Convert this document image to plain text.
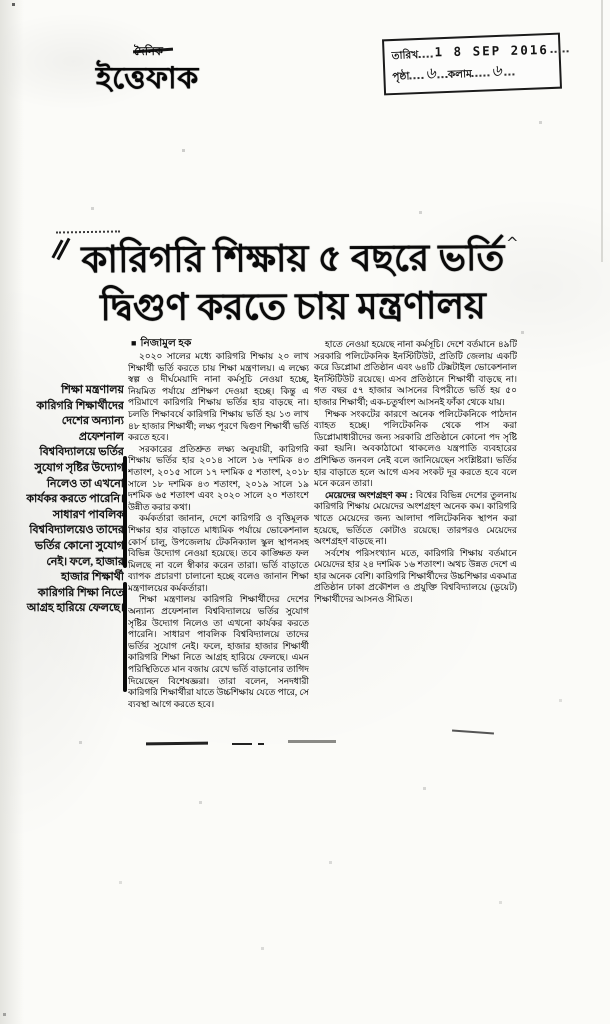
^
দৈনিক
ইত্তেফাক
তারিখ 1 8 SEP 2016
পৃষ্ঠা ৬ কলাম ৬
কারিগরি শিক্ষায় ৫ বছরে ভর্তি
দ্বিগুণ করতে চায় মন্ত্রণালয়
■ নিজামুল হক
শিক্ষা মন্ত্রণালয় কারিগরি শিক্ষার্থীদের দেশের অন্যান্য প্রফেশনাল বিশ্ববিদ্যালয়ে ভর্তির সুযোগ সৃষ্টির উদ্যোগ নিলেও তা এখনো কার্যকর করতে পারেনি। সাধারণ পাবলিক বিশ্ববিদ্যালয়েও তাদের ভর্তির কোনো সুযোগ নেই। ফলে, হাজার হাজার শিক্ষার্থী কারিগরি শিক্ষা নিতে আগ্রহ হারিয়ে ফেলছে।

২০২০ সালের মধ্যে কারিগরি শিক্ষায় ২০ লাখ শিক্ষার্থী ভর্তি করতে চায় শিক্ষা মন্ত্রণালয়। এ লক্ষ্যে স্বল্প ও দীর্ঘমেয়াদি নানা কর্মসূচি নেওয়া হচ্ছে, নিয়মিত পর্যায়ে প্রশিক্ষণ দেওয়া হচ্ছে। কিন্তু এ পরিমাণে কারিগরি শিক্ষায় ভর্তির হার বাড়ছে না। চলতি শিক্ষাবর্ষে কারিগরি শিক্ষায় ভর্তি হয় ১৩ লাখ ৪৮ হাজার শিক্ষার্থী; লক্ষ্য পূরণে দ্বিগুণ শিক্ষার্থী ভর্তি করতে হবে।

সরকারের প্রতিশ্রুত লক্ষ্য অনুযায়ী, কারিগরি শিক্ষায় ভর্তির হার ২০১৪ সালে ১৬ দশমিক ৪৩ শতাংশ, ২০১৫ সালে ১৭ দশমিক ৫ শতাংশ, ২০১৮ সালে ১৮ দশমিক ৪৩ শতাংশ, ২০১৯ সালে ১৯ দশমিক ৬৫ শতাংশ এবং ২০২০ সালে ২০ শতাংশে উন্নীত করার কথা।

কর্মকর্তারা জানান, দেশে কারিগরি ও বৃত্তিমূলক শিক্ষার হার বাড়াতে মাধ্যমিক পর্যায়ে ভোকেশনাল কোর্স চালু, উপজেলায় টেকনিক্যাল স্কুল স্থাপনসহ বিভিন্ন উদ্যোগ নেওয়া হয়েছে। তবে কাঙ্ক্ষিত ফল মিলছে না বলে স্বীকার করেন তারা। ভর্তি বাড়াতে ব্যাপক প্রচারণা চালানো হচ্ছে বলেও জানান শিক্ষা মন্ত্রণালয়ের কর্মকর্তারা।

শিক্ষা মন্ত্রণালয় কারিগরি শিক্ষার্থীদের দেশের অন্যান্য প্রফেশনাল বিশ্ববিদ্যালয়ে ভর্তির সুযোগ সৃষ্টির উদ্যোগ নিলেও তা এখনো কার্যকর করতে পারেনি। সাধারণ পাবলিক বিশ্ববিদ্যালয়ে তাদের ভর্তির সুযোগ নেই। ফলে, হাজার হাজার শিক্ষার্থী কারিগরি শিক্ষা নিতে আগ্রহ হারিয়ে ফেলছে। এমন পরিস্থিতিতে মান বজায় রেখে ভর্তি বাড়ানোর তাগিদ দিয়েছেন বিশেষজ্ঞরা। তারা বলেন, সনদধারী কারিগরি শিক্ষার্থীরা যাতে উচ্চশিক্ষায় যেতে পারে, সে ব্যবস্থা আগে করতে হবে।

হাতে নেওয়া হয়েছে নানা কর্মসূচি। দেশে বর্তমানে ৪৯টি সরকারি পলিটেকনিক ইনস্টিটিউট, প্রতিটি জেলায় একটি করে ডিপ্লোমা প্রতিষ্ঠান এবং ৬৪টি টেক্সটাইল ভোকেশনাল ইনস্টিটিউট রয়েছে। এসব প্রতিষ্ঠানে শিক্ষার্থী বাড়ছে না। গত বছর ৫৭ হাজার আসনের বিপরীতে ভর্তি হয় ৫০ হাজার শিক্ষার্থী; এক-চতুর্থাংশ আসনই ফাঁকা থেকে যায়।

শিক্ষক সংকটের কারণে অনেক পলিটেকনিকে পাঠদান ব্যাহত হচ্ছে। পলিটেকনিক থেকে পাস করা ডিপ্লোমাধারীদের জন্য সরকারি প্রতিষ্ঠানে কোনো পদ সৃষ্টি করা হয়নি। অবকাঠামো থাকলেও যন্ত্রপাতি ব্যবহারের প্রশিক্ষিত জনবল নেই বলে জানিয়েছেন সংশ্লিষ্টরা। ভর্তির হার বাড়াতে হলে আগে এসব সংকট দূর করতে হবে বলে মনে করেন তারা।

মেয়েদের অংশগ্রহণ কম : বিশ্বের বিভিন্ন দেশের তুলনায় কারিগরি শিক্ষায় মেয়েদের অংশগ্রহণ অনেক কম। কারিগরি খাতে মেয়েদের জন্য আলাদা পলিটেকনিক স্থাপন করা হয়েছে, ভর্তিতে কোটাও রয়েছে। তারপরও মেয়েদের অংশগ্রহণ বাড়ছে না।

সর্বশেষ পরিসংখ্যান মতে, কারিগরি শিক্ষায় বর্তমানে মেয়েদের হার ২৪ দশমিক ১৬ শতাংশ। অথচ উন্নত দেশে এ হার অনেক বেশি। কারিগরি শিক্ষার্থীদের উচ্চশিক্ষার একমাত্র প্রতিষ্ঠান ঢাকা প্রকৌশল ও প্রযুক্তি বিশ্ববিদ্যালয়ে (ডুয়েট) শিক্ষার্থীদের আসনও সীমিত।
